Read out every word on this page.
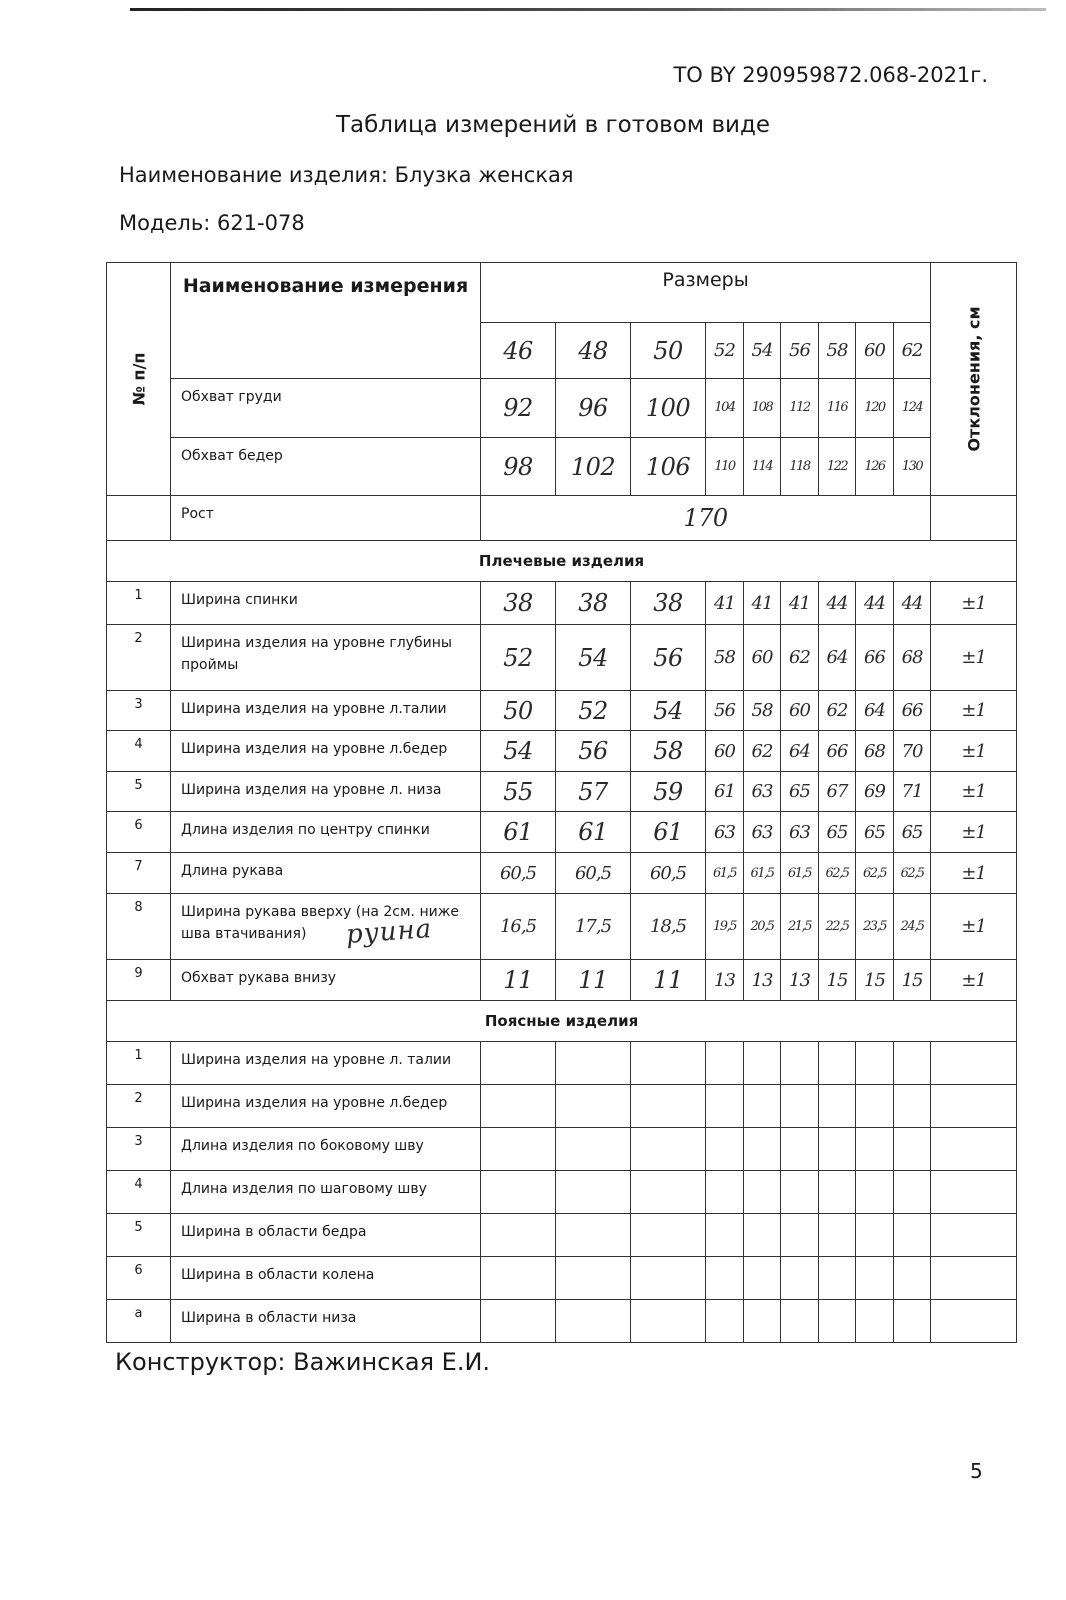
ТО BY 290959872.068-2021г.
Таблица измерений в готовом виде
Наименование изделия: Блузка женская
Модель: 621-078
№ п/п	Наименование измерения	Размеры									Отклонения, см

		46	48	50	52	54	56	58	60	62	
	Обхват груди	92	96	100	104	108	112	116	120	124	
	Обхват бедер	98	102	106	110	114	118	122	126	130	
	Рост	170									
Плечевые изделия											
1	Ширина спинки	38	38	38	41	41	41	44	44	44	±1
2	Ширина изделия на уровне глубины проймы	52	54	56	58	60	62	64	66	68	±1
3	Ширина изделия на уровне л.талии	50	52	54	56	58	60	62	64	66	±1
4	Ширина изделия на уровне л.бедер	54	56	58	60	62	64	66	68	70	±1
5	Ширина изделия на уровне л. низа	55	57	59	61	63	65	67	69	71	±1
6	Длина изделия по центру спинки	61	61	61	63	63	63	65	65	65	±1
7	Длина рукава	60,5	60,5	60,5	61,5	61,5	61,5	62,5	62,5	62,5	±1
8	Ширина рукава вверху (на 2см. ниже шва втачивания)	16,5	17,5	18,5	19,5	20,5	21,5	22,5	23,5	24,5	±1
9	Обхват рукава внизу	11	11	11	13	13	13	15	15	15	±1
Поясные изделия											
1	Ширина изделия на уровне л. талии										
2	Ширина изделия на уровне л.бедер										
3	Длина изделия по боковому шву										
4	Длина изделия по шаговому шву										
5	Ширина в области бедра										
6	Ширина в области колена										
а	Ширина в области низа										
руина
Конструктор: Важинская Е.И.
5
